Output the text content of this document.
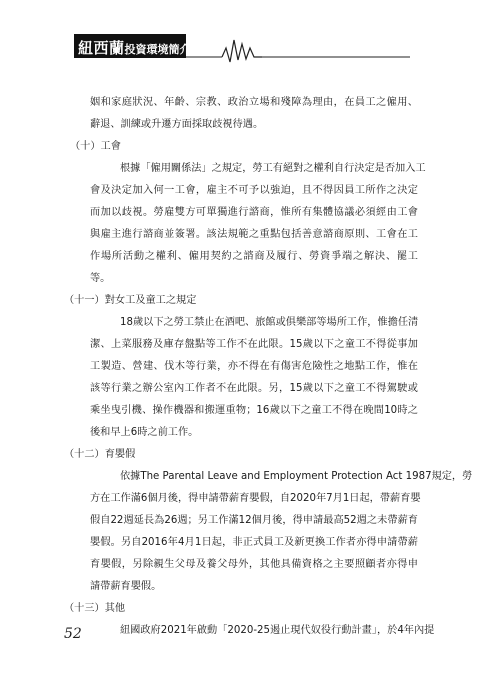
紐西蘭投資環境簡介
姻和家庭狀況、年齡、宗教、政治立場和殘障為理由，在員工之僱用、
辭退、訓練或升遷方面採取歧視待遇。
（十）工會
根據「僱用關係法」之規定，勞工有絕對之權利自行決定是否加入工
會及決定加入何一工會，雇主不可予以強迫，且不得因員工所作之決定
而加以歧視。勞雇雙方可單獨進行諮商，惟所有集體協議必須經由工會
與雇主進行諮商並簽署。該法規範之重點包括善意諮商原則、工會在工
作場所活動之權利、僱用契約之諮商及履行、勞資爭端之解決、罷工
等。
（十一）對女工及童工之規定
18歲以下之勞工禁止在酒吧、旅館或俱樂部等場所工作，惟擔任清
潔、上菜服務及庫存盤點等工作不在此限。15歲以下之童工不得從事加
工製造、營建、伐木等行業，亦不得在有傷害危險性之地點工作，惟在
該等行業之辦公室內工作者不在此限。另，15歲以下之童工不得駕駛或
乘坐曳引機、操作機器和搬運重物；16歲以下之童工不得在晚間10時之
後和早上6時之前工作。
（十二）育嬰假
依據The Parental Leave and Employment Protection Act 1987規定，勞
方在工作滿6個月後，得申請帶薪育嬰假，自2020年7月1日起，帶薪育嬰
假自22週延長為26週；另工作滿12個月後，得申請最高52週之未帶薪育
嬰假。另自2016年4月1日起，非正式員工及新更換工作者亦得申請帶薪
育嬰假，另除親生父母及養父母外，其他具備資格之主要照顧者亦得申
請帶薪育嬰假。
（十三）其他
紐國政府2021年啟動「2020-25遏止現代奴役行動計畫」，於4年內提
52
